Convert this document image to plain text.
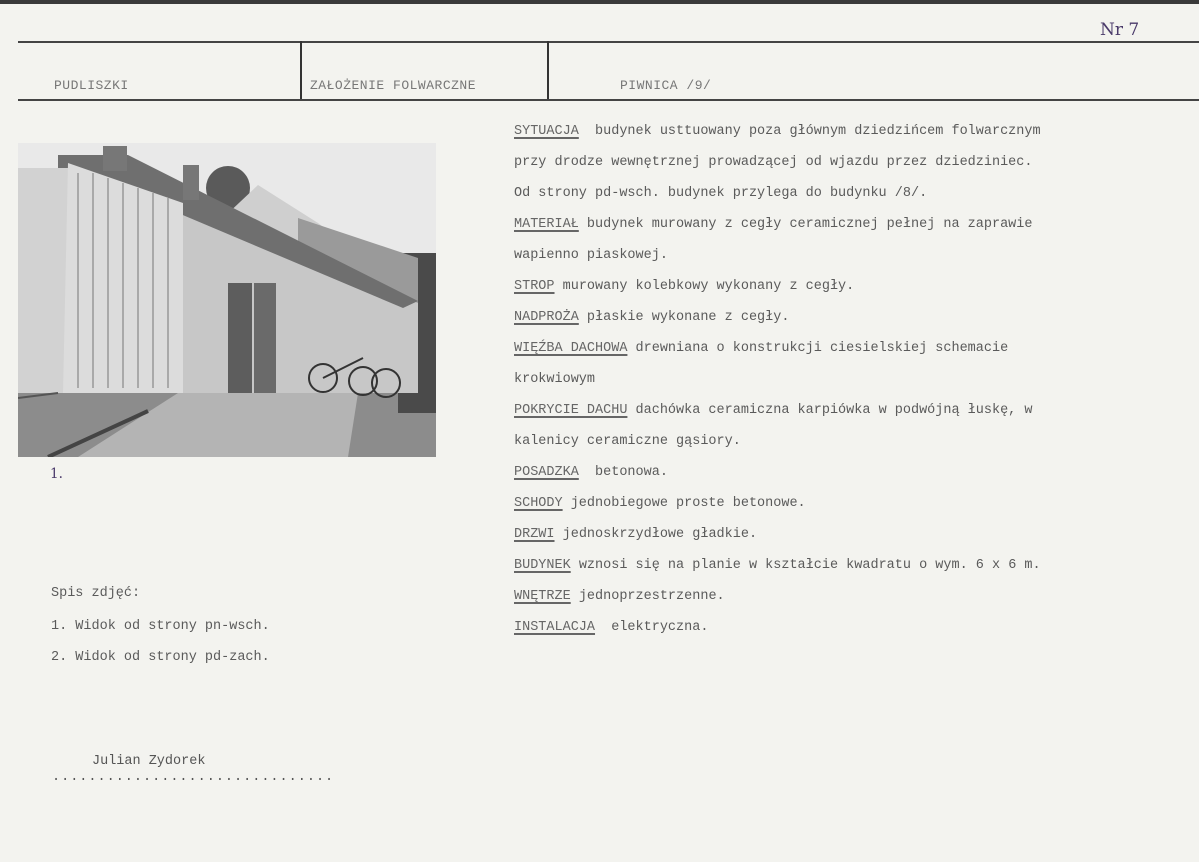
Nr 7
PUDLISZKI	ZAŁOŻENIE FOLWARCZNE	PIWNICA /9/
1.
SYTUACJA  budynek usttuowany poza głównym dziedzińcem folwarcznym
przy drodze wewnętrznej prowadzącej od wjazdu przez dziedziniec.
Od strony pd-wsch. budynek przylega do budynku /8/.
MATERIAŁ budynek murowany z cegły ceramicznej pełnej na zaprawie
wapienno piaskowej.
STROP murowany kolebkowy wykonany z cegły.
NADPROŻA płaskie wykonane z cegły.
WIĘŹBA DACHOWA drewniana o konstrukcji ciesielskiej schemacie
krokwiowym
POKRYCIE DACHU dachówka ceramiczna karpiówka w podwójną łuskę, w
kalenicy ceramiczne gąsiory.
POSADZKA  betonowa.
SCHODY jednobiegowe proste betonowe.
DRZWI jednoskrzydłowe gładkie.
BUDYNEK wznosi się na planie w kształcie kwadratu o wym. 6 x 6 m.
WNĘTRZE jednoprzestrzenne.
INSTALACJA  elektryczna.
Spis zdjęć:
1. Widok od strony pn-wsch.
2. Widok od strony pd-zach.
Julian Zydorek
...............................
